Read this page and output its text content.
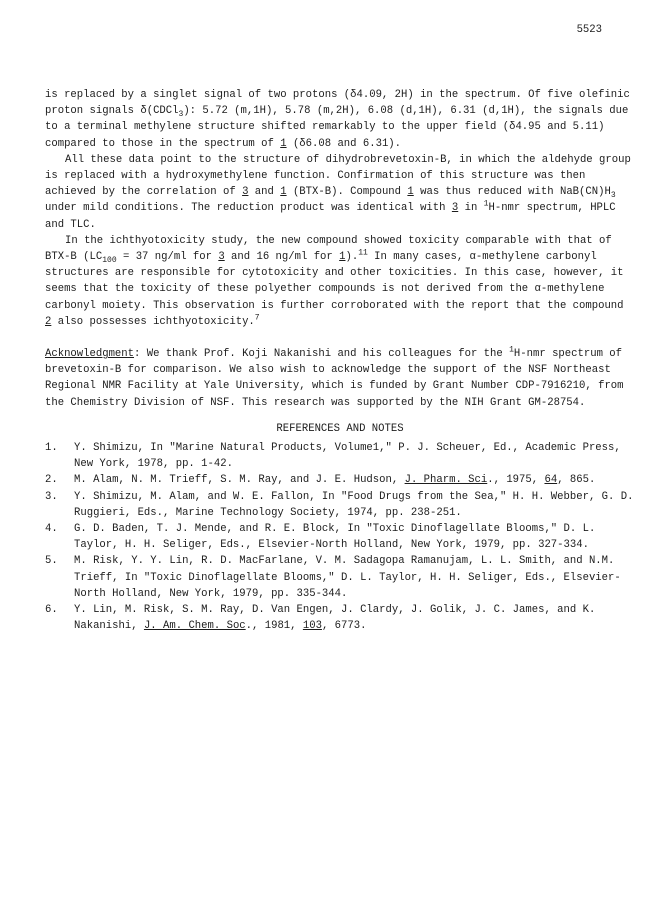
5523

is replaced by a singlet signal of two protons (δ4.09, 2H) in the spectrum. Of five olefinic proton signals δ(CDCl$_3$): 5.72 (m,1H), 5.78 (m,2H), 6.08 (d,1H), 6.31 (d,1H), the signals due to a terminal methylene structure shifted remarkably to the upper field (δ4.95 and 5.11) compared to those in the spectrum of 1 (δ6.08 and 6.31).

All these data point to the structure of dihydrobrevetoxin-B, in which the aldehyde group is replaced with a hydroxymethylene function. Confirmation of this structure was then achieved by the correlation of 3 and 1 (BTX-B). Compound 1 was thus reduced with $NaB(CN)H_3$ under mild conditions. The reduction product was identical with 3 in $^1$H-nmr spectrum, HPLC and TLC.

In the ichthyotoxicity study, the new compound showed toxicity comparable with that of BTX-B ($LC_{100} = 37$ ng/ml for 3 and 16 ng/ml for 1).$^{11}$ In many cases, α-methylene carbonyl structures are responsible for cytotoxicity and other toxicities. In this case, however, it seems that the toxicity of these polyether compounds is not derived from the α-methylene carbonyl moiety. This observation is further corroborated with the report that the compound 2 also possesses ichthyotoxicity.$^7$

Acknowledgment: We thank Prof. Koji Nakanishi and his colleagues for the $^1$H-nmr spectrum of brevetoxin-B for comparison. We also wish to acknowledge the support of the NSF Northeast Regional NMR Facility at Yale University, which is funded by Grant Number CDP-7916210, from the Chemistry Division of NSF. This research was supported by the NIH Grant GM-28754.

REFERENCES AND NOTES
1. Y. Shimizu, In "Marine Natural Products, Volume1," P. J. Scheuer, Ed., Academic Press, New York, 1978, pp. 1-42.
2. M. Alam, N. M. Trieff, S. M. Ray, and J. E. Hudson, J. Pharm. Sci., 1975, 64, 865.
3. Y. Shimizu, M. Alam, and W. E. Fallon, In "Food Drugs from the Sea," H. H. Webber, G. D. Ruggieri, Eds., Marine Technology Society, 1974, pp. 238-251.
4. G. D. Baden, T. J. Mende, and R. E. Block, In "Toxic Dinoflagellate Blooms," D. L. Taylor, H. H. Seliger, Eds., Elsevier-North Holland, New York, 1979, pp. 327-334.
5. M. Risk, Y. Y. Lin, R. D. MacFarlane, V. M. Sadagopa Ramanujam, L. L. Smith, and N.M. Trieff, In "Toxic Dinoflagellate Blooms," D. L. Taylor, H. H. Seliger, Eds., Elsevier-North Holland, New York, 1979, pp. 335-344.
6. Y. Lin, M. Risk, S. M. Ray, D. Van Engen, J. Clardy, J. Golik, J. C. James, and K. Nakanishi, J. Am. Chem. Soc., 1981, 103, 6773.
